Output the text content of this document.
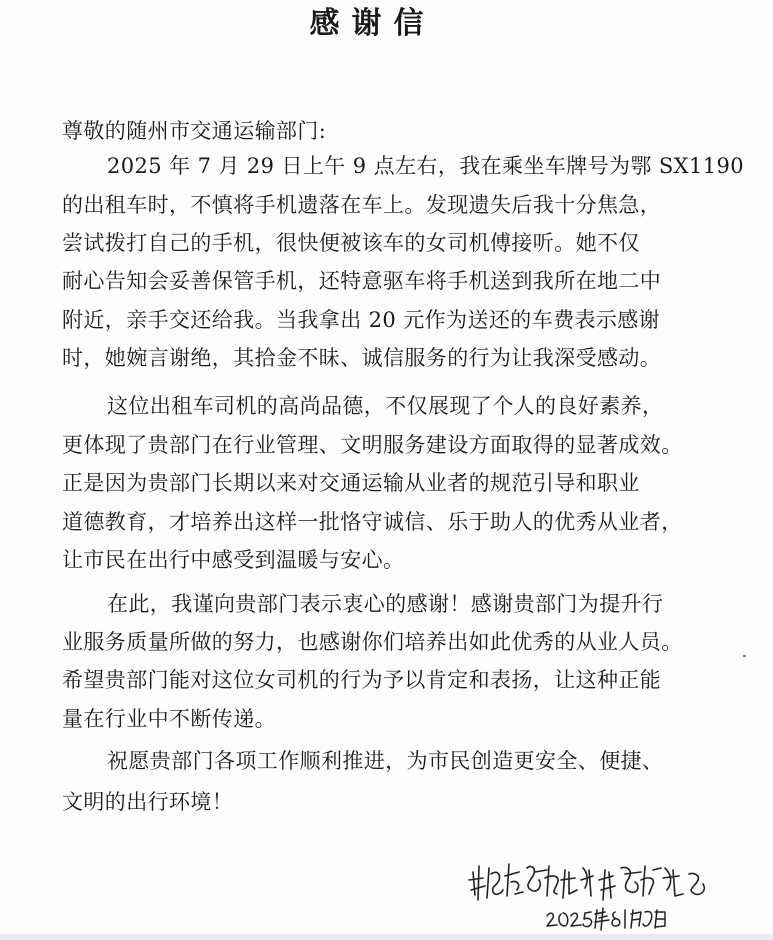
感谢信

尊敬的随州市交通运输部门:

2025 年 7 月 29 日上午 9 点左右，我在乘坐车牌号为鄂 SX1190

的出租车时，不慎将手机遗落在车上。发现遗失后我十分焦急，

尝试拨打自己的手机，很快便被该车的女司机傅接听。她不仅

耐心告知会妥善保管手机，还特意驱车将手机送到我所在地二中

附近，亲手交还给我。当我拿出 20 元作为送还的车费表示感谢

时，她婉言谢绝，其拾金不昧、诚信服务的行为让我深受感动。

这位出租车司机的高尚品德，不仅展现了个人的良好素养，

更体现了贵部门在行业管理、文明服务建设方面取得的显著成效。

正是因为贵部门长期以来对交通运输从业者的规范引导和职业

道德教育，才培养出这样一批恪守诚信、乐于助人的优秀从业者，

让市民在出行中感受到温暖与安心。

在此，我谨向贵部门表示衷心的感谢！感谢贵部门为提升行

业服务质量所做的努力，也感谢你们培养出如此优秀的从业人员。

希望贵部门能对这位女司机的行为予以肯定和表扬，让这种正能

量在行业中不断传递。

祝愿贵部门各项工作顺利推进，为市民创造更安全、便捷、

文明的出行环境！
